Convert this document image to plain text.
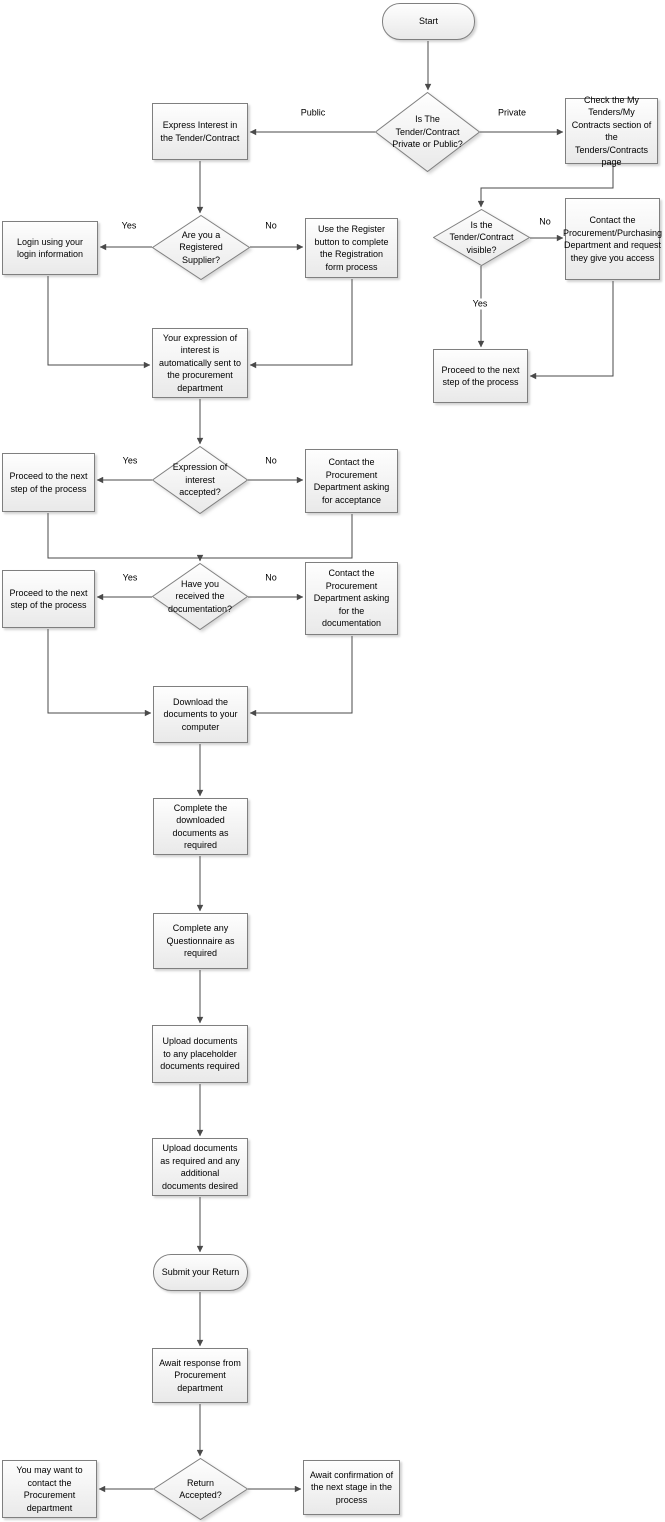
Start
Is The Tender/Contract Private or Public?
Express Interest in the Tender/Contract
Check the My Tenders/My Contracts section of the Tenders/Contracts page
Are you a Registered Supplier?
Login using your login information
Use the Register button to complete the Registration form process
Is the Tender/Contract visible?
Contact the Procurement/Purchasing Department and request they give you access
Proceed to the next step of the process
Your expression of interest is automatically sent to the procurement department
Expression of interest accepted?
Proceed to the next step of the process
Contact the Procurement Department asking for acceptance
Have you received the documentation?
Proceed to the next step of the process
Contact the Procurement Department asking for the documentation
Download the documents to your computer
Complete the downloaded documents as required
Complete any Questionnaire as required
Upload documents to any placeholder documents required
Upload documents as required and any additional documents desired
Submit your Return
Await response from Procurement department
Return Accepted?
You may want to contact the Procurement department
Await confirmation of the next stage in the process
Public	Private
Yes	No	No
Yes
Yes	No
Yes	No
